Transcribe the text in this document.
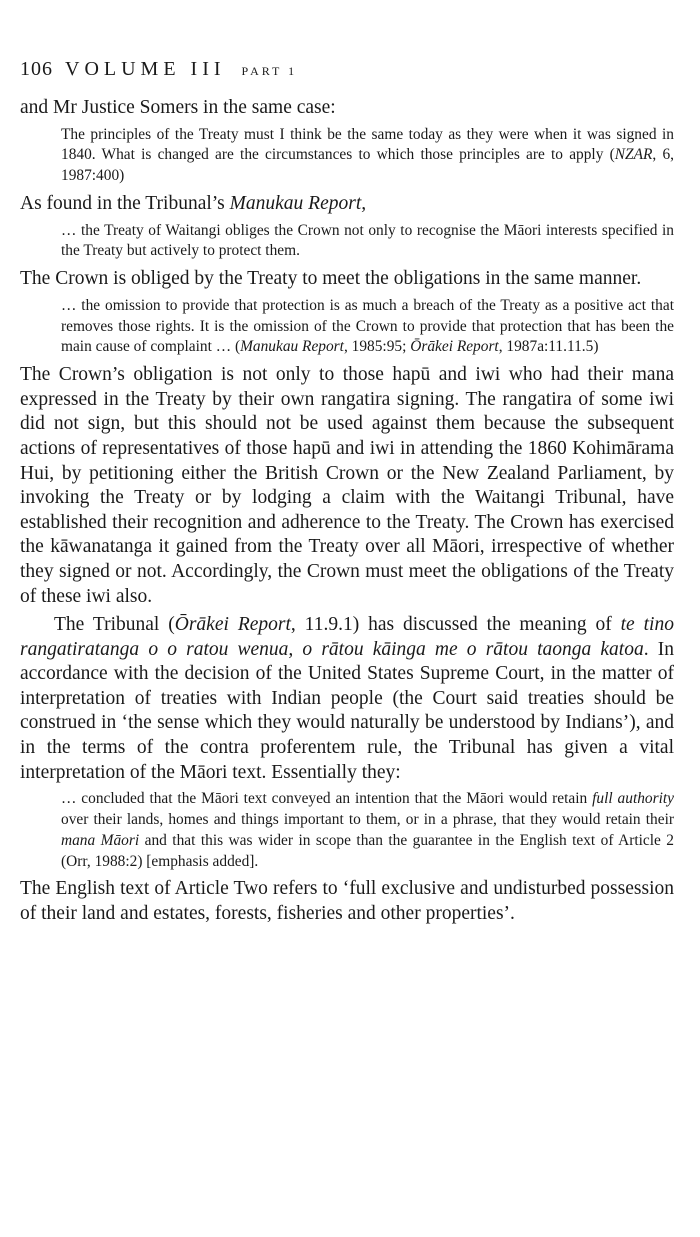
106 VOLUME III PART 1

and Mr Justice Somers in the same case:

The principles of the Treaty must I think be the same today as they were when it was signed in 1840. What is changed are the circumstances to which those principles are to apply (NZAR, 6, 1987:400)

As found in the Tribunal’s Manukau Report,

… the Treaty of Waitangi obliges the Crown not only to recognise the Māori interests specified in the Treaty but actively to protect them.

The Crown is obliged by the Treaty to meet the obligations in the same manner.

… the omission to provide that protection is as much a breach of the Treaty as a positive act that removes those rights. It is the omission of the Crown to provide that protection that has been the main cause of complaint … (Manukau Report, 1985:95; Ōrākei Report, 1987a:11.11.5)

The Crown’s obligation is not only to those hapū and iwi who had their mana expressed in the Treaty by their own rangatira signing. The rangatira of some iwi did not sign, but this should not be used against them because the subsequent actions of representatives of those hapū and iwi in attending the 1860 Kohimārama Hui, by petitioning either the British Crown or the New Zealand Parliament, by invoking the Treaty or by lodging a claim with the Waitangi Tribunal, have established their recognition and adherence to the Treaty. The Crown has exercised the kāwanatanga it gained from the Treaty over all Māori, irrespective of whether they signed or not. Accordingly, the Crown must meet the obligations of the Treaty of these iwi also.

The Tribunal (Ōrākei Report, 11.9.1) has discussed the meaning of te tino rangatiratanga o o ratou wenua, o rātou kāinga me o rātou taonga katoa. In accordance with the decision of the United States Supreme Court, in the matter of interpretation of treaties with Indian people (the Court said treaties should be construed in ‘the sense which they would naturally be understood by Indians’), and in the terms of the contra proferentem rule, the Tribunal has given a vital interpretation of the Māori text. Essentially they:

… concluded that the Māori text conveyed an intention that the Māori would retain full authority over their lands, homes and things important to them, or in a phrase, that they would retain their mana Māori and that this was wider in scope than the guarantee in the English text of Article 2 (Orr, 1988:2) [emphasis added].

The English text of Article Two refers to ‘full exclusive and undisturbed possession of their land and estates, forests, fisheries and other properties’.
